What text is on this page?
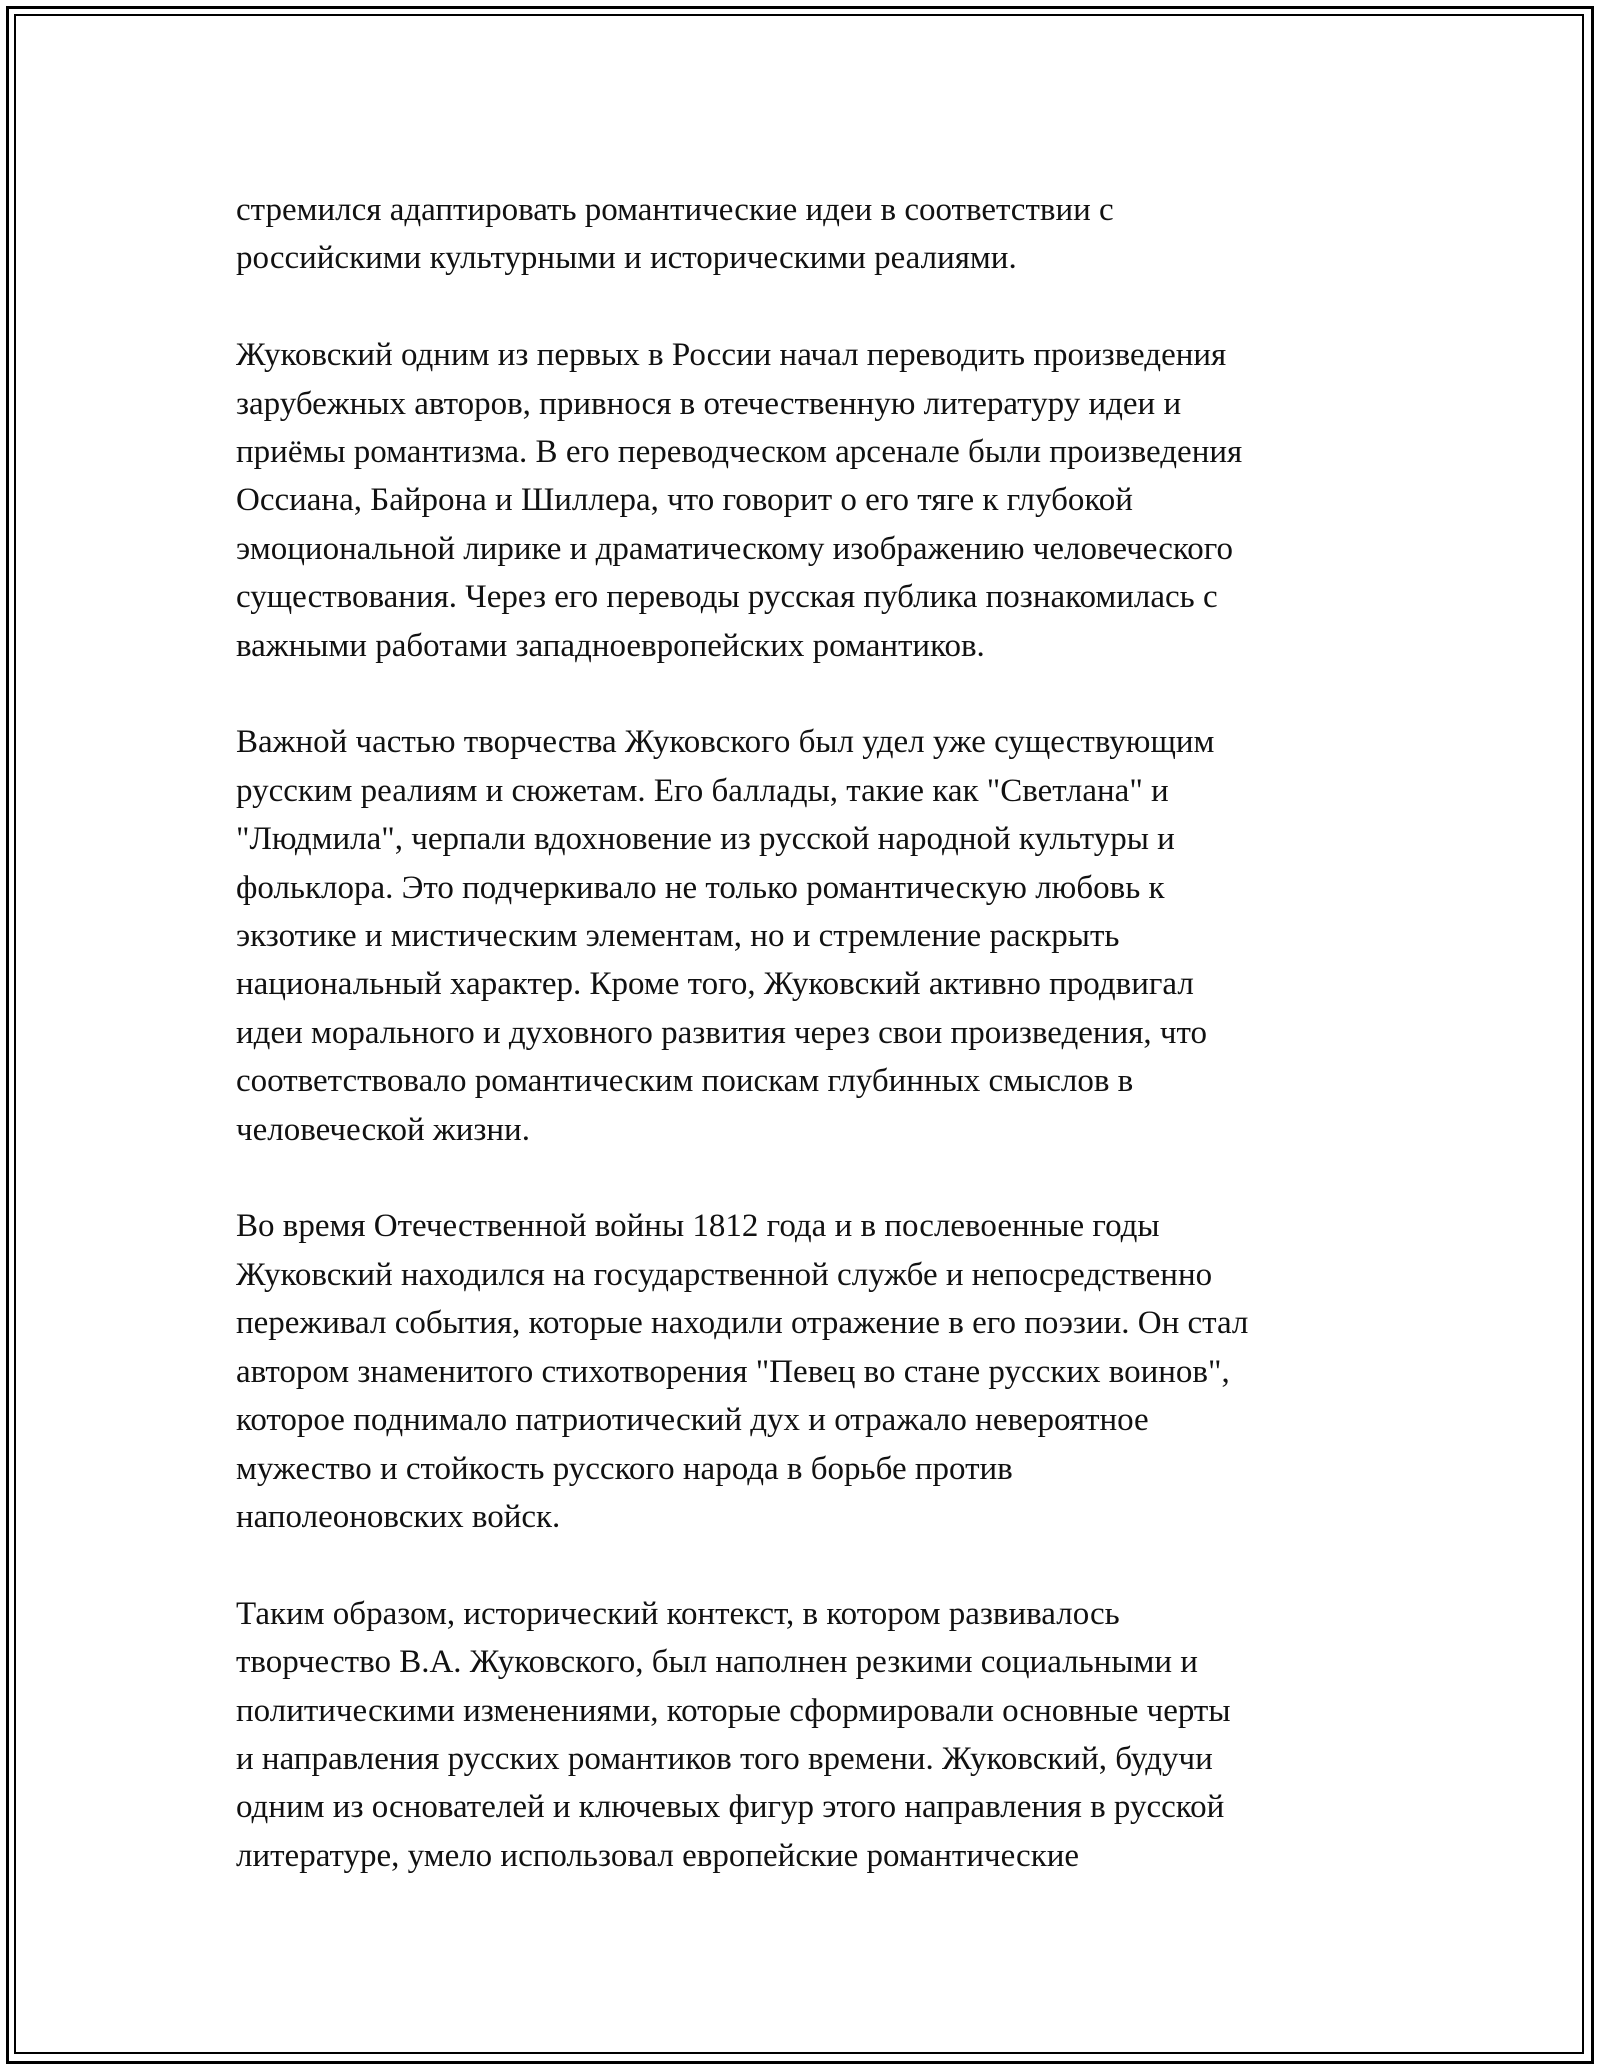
стремился адаптировать романтические идеи в соответствии с
российскими культурными и историческими реалиями.

Жуковский одним из первых в России начал переводить произведения
зарубежных авторов, привнося в отечественную литературу идеи и
приёмы романтизма. В его переводческом арсенале были произведения
Оссиана, Байрона и Шиллера, что говорит о его тяге к глубокой
эмоциональной лирике и драматическому изображению человеческого
существования. Через его переводы русская публика познакомилась с
важными работами западноевропейских романтиков.

Важной частью творчества Жуковского был удел уже существующим
русским реалиям и сюжетам. Его баллады, такие как "Светлана" и
"Людмила", черпали вдохновение из русской народной культуры и
фольклора. Это подчеркивало не только романтическую любовь к
экзотике и мистическим элементам, но и стремление раскрыть
национальный характер. Кроме того, Жуковский активно продвигал
идеи морального и духовного развития через свои произведения, что
соответствовало романтическим поискам глубинных смыслов в
человеческой жизни.

Во время Отечественной войны 1812 года и в послевоенные годы
Жуковский находился на государственной службе и непосредственно
переживал события, которые находили отражение в его поэзии. Он стал
автором знаменитого стихотворения "Певец во стане русских воинов",
которое поднимало патриотический дух и отражало невероятное
мужество и стойкость русского народа в борьбе против
наполеоновских войск.

Таким образом, исторический контекст, в котором развивалось
творчество В.А. Жуковского, был наполнен резкими социальными и
политическими изменениями, которые сформировали основные черты
и направления русских романтиков того времени. Жуковский, будучи
одним из основателей и ключевых фигур этого направления в русской
литературе, умело использовал европейские романтические
